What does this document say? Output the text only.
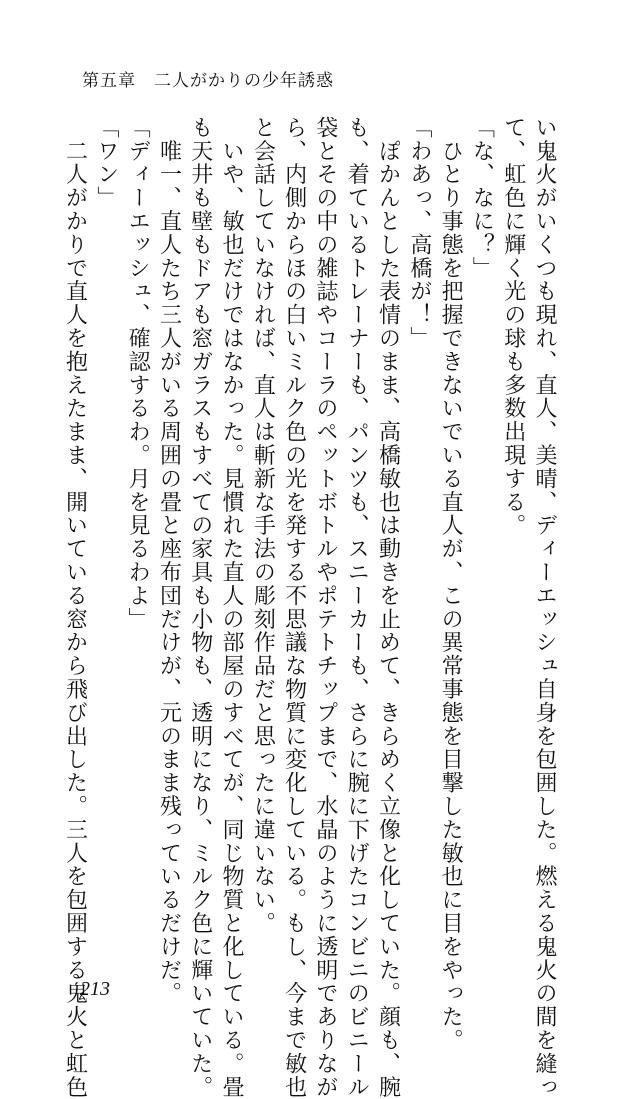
第五章　二人がかりの少年誘惑

い鬼火がいくつも現れ、直人、美晴、ディーエッシュ自身を包囲した。燃える鬼火の間を縫っ

て、虹色に輝く光の球も多数出現する。

「な、なに？」

　ひとり事態を把握できないでいる直人が、この異常事態を目撃した敏也に目をやった。

「わあっ、高橋が！」

　ぽかんとした表情のまま、高橋敏也は動きを止めて、きらめく立像と化していた。顔も、腕

も、着ているトレーナーも、パンツも、スニーカーも、さらに腕に下げたコンビニのビニール

袋とその中の雑誌やコーラのペットボトルやポテトチップまで、水晶のように透明でありなが

ら、内側からほの白いミルク色の光を発する不思議な物質に変化している。もし、今まで敏也

と会話していなければ、直人は斬新な手法の彫刻作品だと思ったに違いない。

　いや、敏也だけではなかった。見慣れた直人の部屋のすべてが、同じ物質と化している。畳

も天井も壁もドアも窓ガラスもすべての家具も小物も、透明になり、ミルク色に輝いていた。

　唯一、直人たち三人がいる周囲の畳と座布団だけが、元のまま残っているだけだ。

「ディーエッシュ、確認するわ。月を見るわよ」

「ワン」

　二人がかりで直人を抱えたまま、開いている窓から飛び出した。三人を包囲する鬼火と虹色

213
